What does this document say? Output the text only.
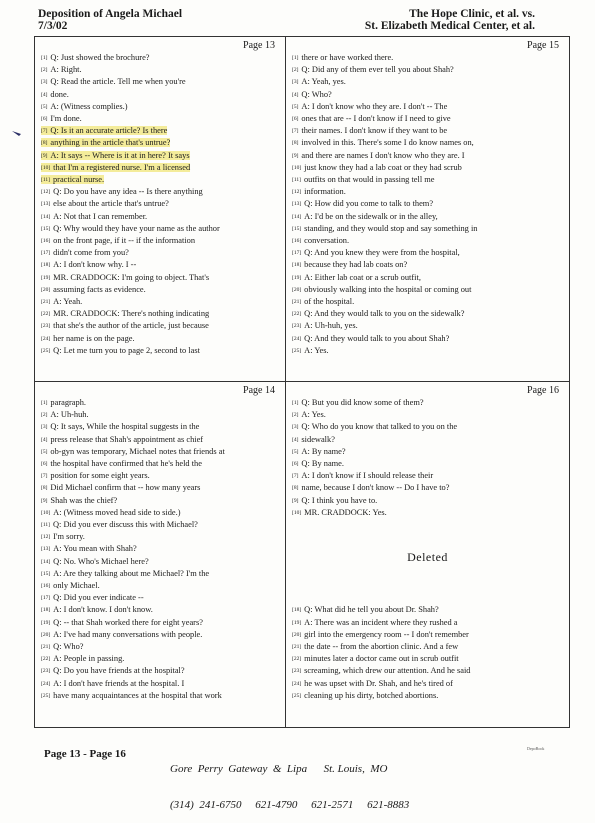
Deposition of Angela Michael
7/3/02
The Hope Clinic, et al. vs.
St. Elizabeth Medical Center, et al.
Page 13
[1] Q: Just showed the brochure?
[2] A: Right.
[3] Q: Read the article. Tell me when you're
[4] done.
[5] A: (Witness complies.)
[6] I'm done.
[7] Q: Is it an accurate article? Is there
[8] anything in the article that's untrue?
[9] A: It says -- Where is it at in here? It says
[10] that I'm a registered nurse. I'm a licensed
[11] practical nurse.
[12] Q: Do you have any idea -- Is there anything
[13] else about the article that's untrue?
[14] A: Not that I can remember.
[15] Q: Why would they have your name as the author
[16] on the front page, if it -- if the information
[17] didn't come from you?
[18] A: I don't know why. I --
[19] MR. CRADDOCK: I'm going to object. That's
[20] assuming facts as evidence.
[21] A: Yeah.
[22] MR. CRADDOCK: There's nothing indicating
[23] that she's the author of the article, just because
[24] her name is on the page.
[25] Q: Let me turn you to page 2, second to last
Page 15
[1] there or have worked there.
[2] Q: Did any of them ever tell you about Shah?
[3] A: Yeah, yes.
[4] Q: Who?
[5] A: I don't know who they are. I don't -- The
[6] ones that are -- I don't know if I need to give
[7] their names. I don't know if they want to be
[8] involved in this. There's some I do know names on,
[9] and there are names I don't know who they are. I
[10] just know they had a lab coat or they had scrub
[11] outfits on that would in passing tell me
[12] information.
[13] Q: How did you come to talk to them?
[14] A: I'd be on the sidewalk or in the alley,
[15] standing, and they would stop and say something in
[16] conversation.
[17] Q: And you knew they were from the hospital,
[18] because they had lab coats on?
[19] A: Either lab coat or a scrub outfit,
[20] obviously walking into the hospital or coming out
[21] of the hospital.
[22] Q: And they would talk to you on the sidewalk?
[23] A: Uh-huh, yes.
[24] Q: And they would talk to you about Shah?
[25] A: Yes.
Page 14
[1] paragraph.
[2] A: Uh-huh.
[3] Q: It says, While the hospital suggests in the
[4] press release that Shah's appointment as chief
[5] ob-gyn was temporary, Michael notes that friends at
[6] the hospital have confirmed that he's held the
[7] position for some eight years.
[8] Did Michael confirm that -- how many years
[9] Shah was the chief?
[10] A: (Witness moved head side to side.)
[11] Q: Did you ever discuss this with Michael?
[12] I'm sorry.
[13] A: You mean with Shah?
[14] Q: No. Who's Michael here?
[15] A: Are they talking about me Michael? I'm the
[16] only Michael.
[17] Q: Did you ever indicate --
[18] A: I don't know. I don't know.
[19] Q: -- that Shah worked there for eight years?
[20] A: I've had many conversations with people.
[21] Q: Who?
[22] A: People in passing.
[23] Q: Do you have friends at the hospital?
[24] A: I don't have friends at the hospital. I
[25] have many acquaintances at the hospital that work
Page 16
[1] Q: But you did know some of them?
[2] A: Yes.
[3] Q: Who do you know that talked to you on the
[4] sidewalk?
[5] A: By name?
[6] Q: By name.
[7] A: I don't know if I should release their
[8] name, because I don't know -- Do I have to?
[9] Q: I think you have to.
[10] MR. CRADDOCK: Yes.

[18] Q: What did he tell you about Dr. Shah?
[19] A: There was an incident where they rushed a
[20] girl into the emergency room -- I don't remember
[21] the date -- from the abortion clinic. And a few
[22] minutes later a doctor came out in scrub outfit
[23] screaming, which drew our attention. And he said
[24] he was upset with Dr. Shah, and he's tired of
[25] cleaning up his dirty, botched abortions.
Deleted
Page 13 - Page 16

Gore  Perry  Gateway  &  Lipa      St. Louis,  MO

(314)  241-6750     621-4790     621-2571     621-8883

DepoBook
